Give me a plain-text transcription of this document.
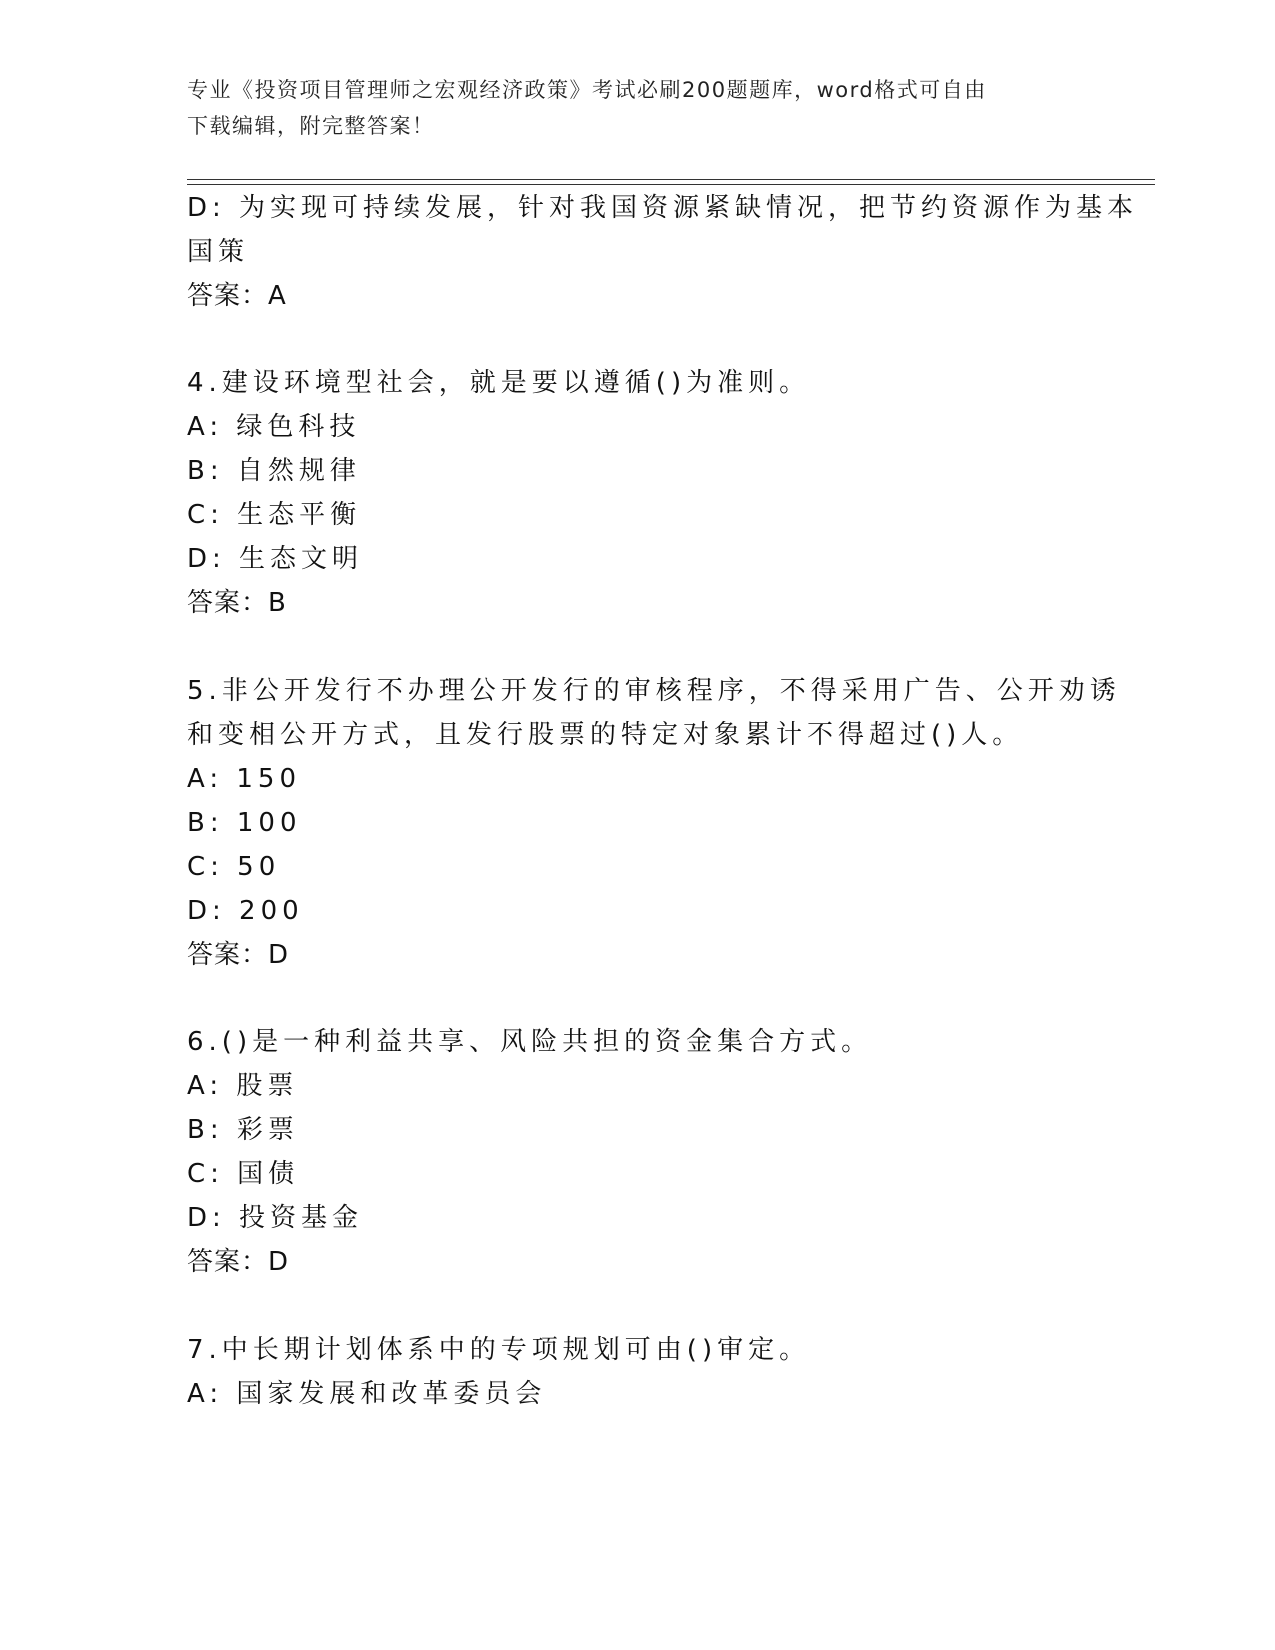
专业《投资项目管理师之宏观经济政策》考试必刷200题题库，word格式可自由
下载编辑，附完整答案！
D: 为实现可持续发展，针对我国资源紧缺情况，把节约资源作为基本
国策
答案：A
4.建设环境型社会，就是要以遵循()为准则。
A: 绿色科技
B: 自然规律
C: 生态平衡
D: 生态文明
答案：B
5.非公开发行不办理公开发行的审核程序，不得采用广告、公开劝诱
和变相公开方式，且发行股票的特定对象累计不得超过()人。
A: 150
B: 100
C: 50
D: 200
答案：D
6.()是一种利益共享、风险共担的资金集合方式。
A: 股票
B: 彩票
C: 国债
D: 投资基金
答案：D
7.中长期计划体系中的专项规划可由()审定。
A: 国家发展和改革委员会
